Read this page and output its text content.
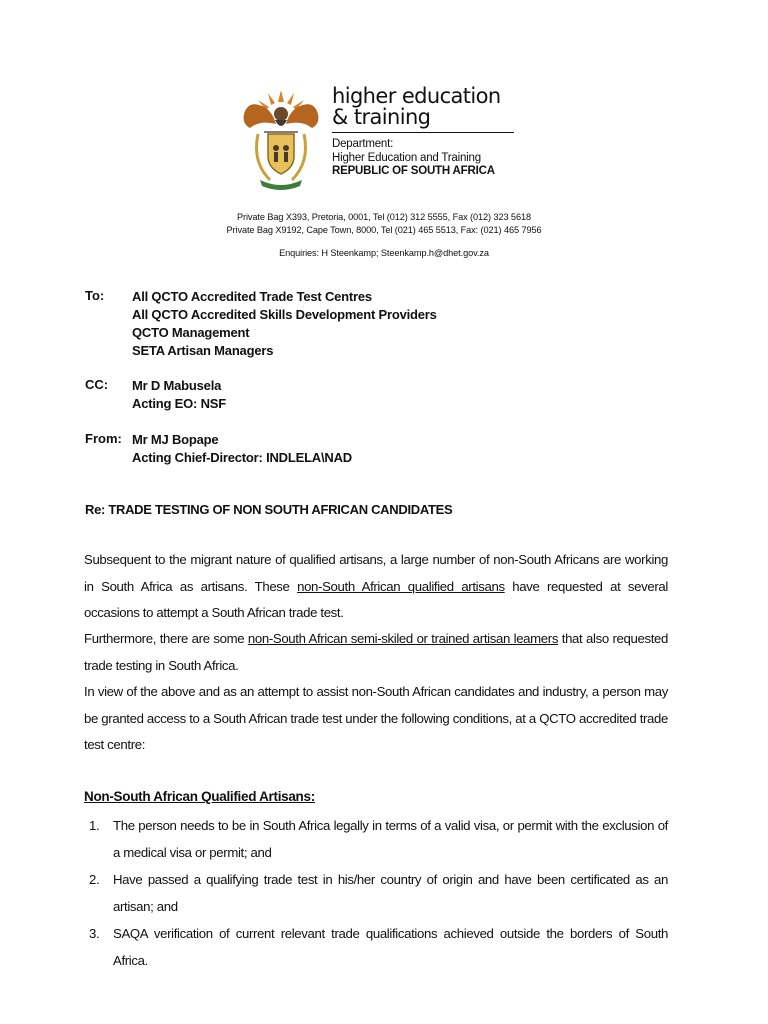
higher education
& training
Department:
Higher Education and Training
REPUBLIC OF SOUTH AFRICA
Private Bag X393, Pretoria, 0001, Tel (012) 312 5555, Fax (012) 323 5618
Private Bag X9192, Cape Town, 8000, Tel (021) 465 5513, Fax: (021) 465 7956
Enquiries: H Steenkamp; Steenkamp.h@dhet.gov.za
To: All QCTO Accredited Trade Test Centres
All QCTO Accredited Skills Development Providers
QCTO Management
SETA Artisan Managers
CC: Mr D Mabusela
Acting EO: NSF
From: Mr MJ Bopape
Acting Chief-Director: INDLELA\NAD
Re: TRADE TESTING OF NON SOUTH AFRICAN CANDIDATES
Subsequent to the migrant nature of qualified artisans, a large number of non-South Africans are working in South Africa as artisans. These non-South African qualified artisans have requested at several occasions to attempt a South African trade test.
Furthermore, there are some non-South African semi-skiled or trained artisan leamers that also requested trade testing in South Africa.
In view of the above and as an attempt to assist non-South African candidates and industry, a person may be granted access to a South African trade test under the following conditions, at a QCTO accredited trade test centre:
Non-South African Qualified Artisans:
1. The person needs to be in South Africa legally in terms of a valid visa, or permit with the exclusion of a medical visa or permit; and
2. Have passed a qualifying trade test in his/her country of origin and have been certificated as an artisan; and
3. SAQA verification of current relevant trade qualifications achieved outside the borders of South Africa.
